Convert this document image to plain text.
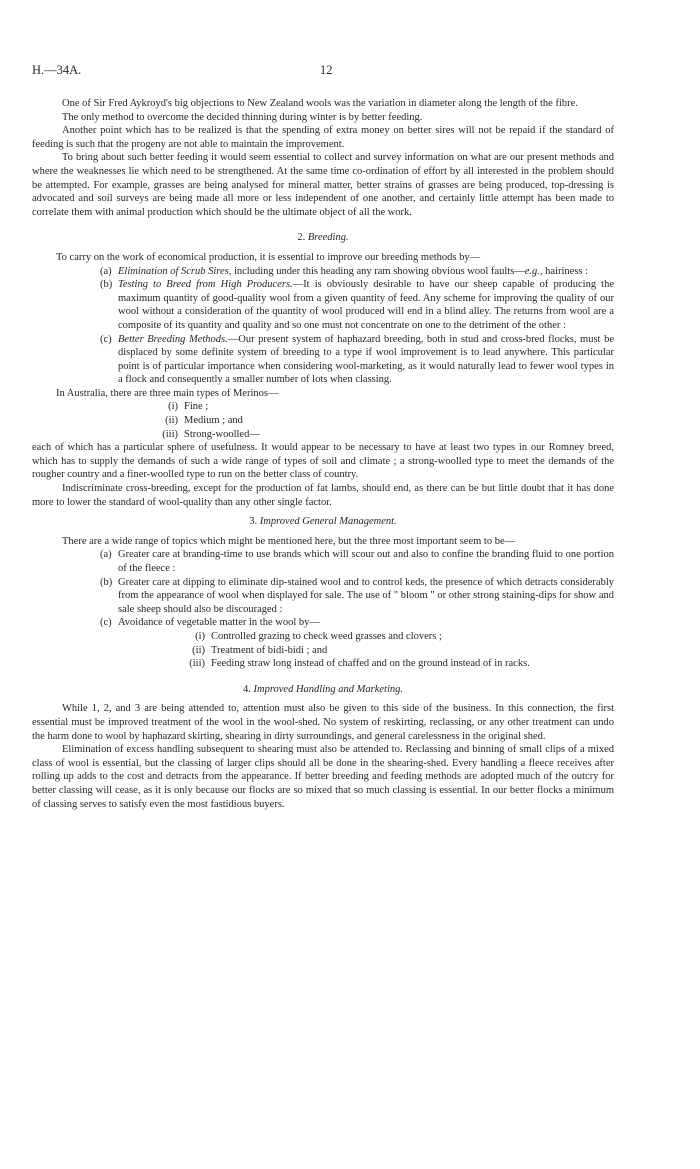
H.—34A.	12

One of Sir Fred Aykroyd's big objections to New Zealand wools was the variation in diameter along the length of the fibre.

The only method to overcome the decided thinning during winter is by better feeding.

Another point which has to be realized is that the spending of extra money on better sires will not be repaid if the standard of feeding is such that the progeny are not able to maintain the improvement.

To bring about such better feeding it would seem essential to collect and survey information on what are our present methods and where the weaknesses lie which need to be strengthened. At the same time co-ordination of effort by all interested in the problem should be attempted. For example, grasses are being analysed for mineral matter, better strains of grasses are being produced, top-dressing is advocated and soil surveys are being made all more or less independent of one another, and certainly little attempt has been made to correlate them with animal production which should be the ultimate object of all the work.

2. Breeding.

To carry on the work of economical production, it is essential to improve our breeding methods by—

(a) Elimination of Scrub Sires, including under this heading any ram showing obvious wool faults—e.g., hairiness :
(b) Testing to Breed from High Producers.—It is obviously desirable to have our sheep capable of producing the maximum quantity of good-quality wool from a given quantity of feed. Any scheme for improving the quality of our wool without a consideration of the quantity of wool produced will end in a blind alley. The returns from wool are a composite of its quantity and quality and so one must not concentrate on one to the detriment of the other :
(c) Better Breeding Methods.—Our present system of haphazard breeding, both in stud and cross-bred flocks, must be displaced by some definite system of breeding to a type if wool improvement is to lead anywhere. This particular point is of particular importance when considering wool-marketing, as it would naturally lead to fewer wool types in a flock and consequently a smaller number of lots when classing.

In Australia, there are three main types of Merinos—

(i) Fine ;
(ii) Medium ; and
(iii) Strong-woolled—

each of which has a particular sphere of usefulness. It would appear to be necessary to have at least two types in our Romney breed, which has to supply the demands of such a wide range of types of soil and climate ; a strong-woolled type to meet the demands of the rougher country and a finer-woolled type to run on the better class of country.

Indiscriminate cross-breeding, except for the production of fat lambs, should end, as there can be but little doubt that it has done more to lower the standard of wool-quality than any other single factor.

3. Improved General Management.

There are a wide range of topics which might be mentioned here, but the three most important seem to be—

(a) Greater care at branding-time to use brands which will scour out and also to confine the branding fluid to one portion of the fleece :
(b) Greater care at dipping to eliminate dip-stained wool and to control keds, the presence of which detracts considerably from the appearance of wool when displayed for sale. The use of " bloom " or other strong staining-dips for show and sale sheep should also be discouraged :
(c) Avoidance of vegetable matter in the wool by—
(i) Controlled grazing to check weed grasses and clovers ;
(ii) Treatment of bidi-bidi ; and
(iii) Feeding straw long instead of chaffed and on the ground instead of in racks.
4. Improved Handling and Marketing.

While 1, 2, and 3 are being attended to, attention must also be given to this side of the business. In this connection, the first essential must be improved treatment of the wool in the wool-shed. No system of reskirting, reclassing, or any other treatment can undo the harm done to wool by haphazard skirting, shearing in dirty surroundings, and general carelessness in the original shed.

Elimination of excess handling subsequent to shearing must also be attended to. Reclassing and binning of small clips of a mixed class of wool is essential, but the classing of larger clips should all be done in the shearing-shed. Every handling a fleece receives after rolling up adds to the cost and detracts from the appearance. If better breeding and feeding methods are adopted much of the outcry for better classing will cease, as it is only because our flocks are so mixed that so much classing is essential. In our better flocks a minimum of classing serves to satisfy even the most fastidious buyers.
